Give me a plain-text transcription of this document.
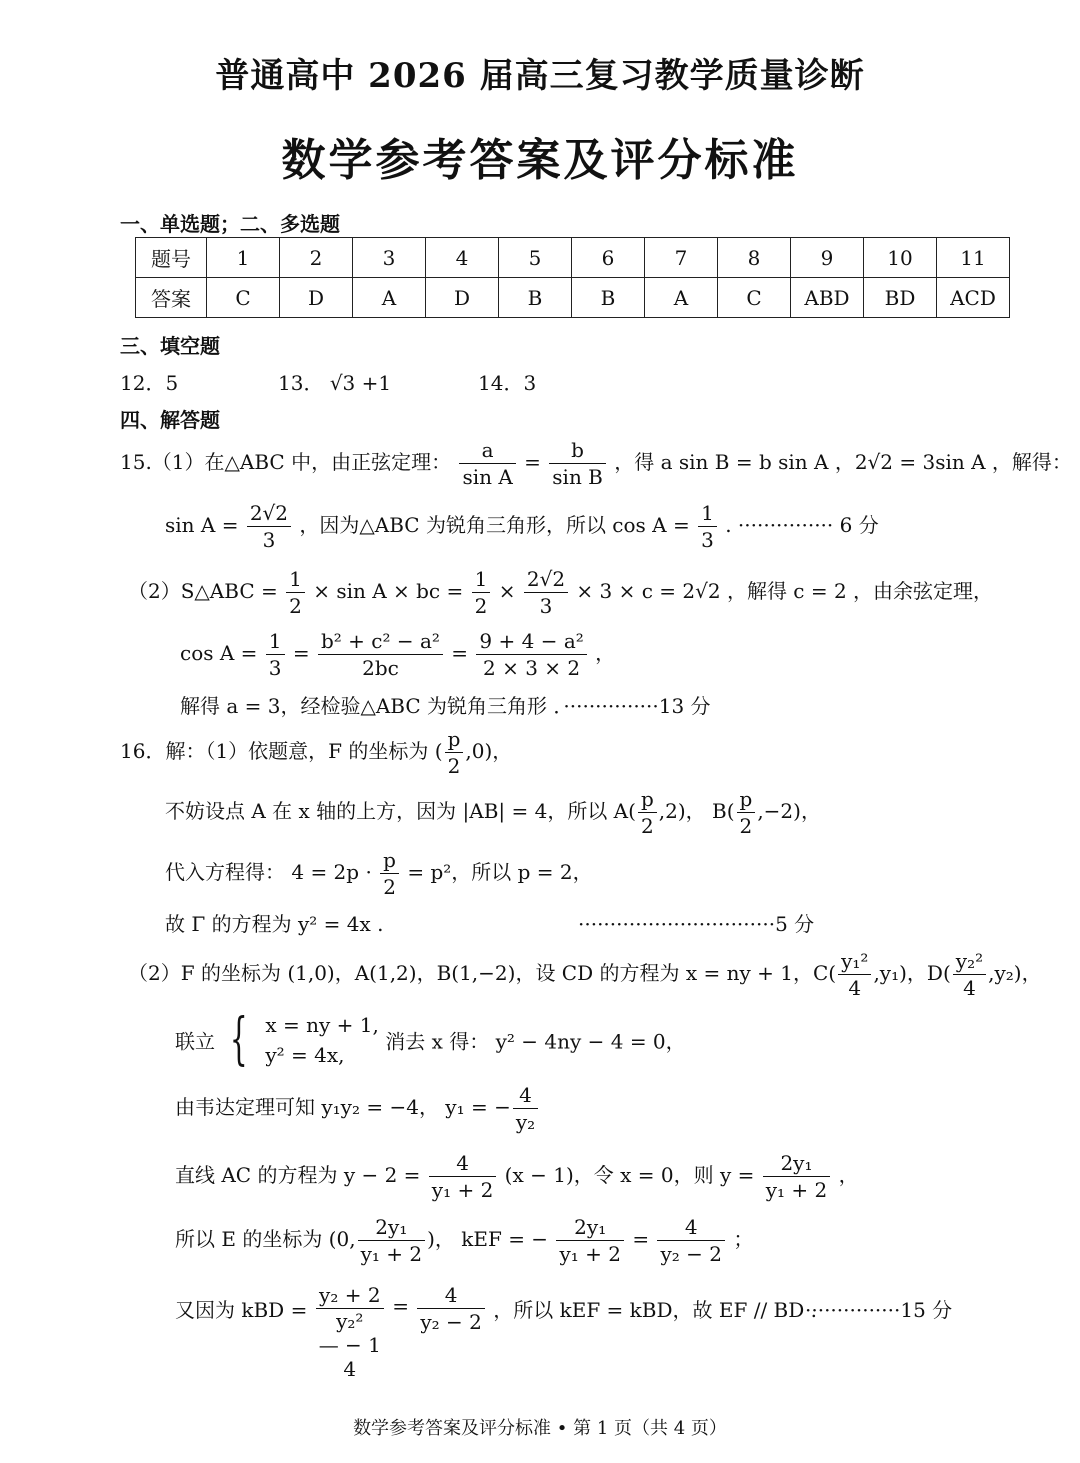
普通高中 2026 届高三复习教学质量诊断
数学参考答案及评分标准
一、单选题；二、多选题
题号	1	2	3	4	5	6	7	8	9	10	11
答案	C	D	A	D	B	B	A	C	ABD	BD	ACD
三、填空题
12．5	13． √3 +1	14．3
四、解答题
15.（1）在△ABC 中，由正弦定理： $\frac{a}{\text{sin A}} = \frac{b}{\text{sin B}}$ ，得 a sin B = b sin A ，2√2 = 3sin A ，解得：
$\sin A = \frac{2√2}{3}$ ，因为△ABC 为锐角三角形，所以 $\cos A = \frac{1}{3}$ . ··············· 6 分
（2）S△ABC = $\frac{1}{2} \times \sin A$ × bc = $\frac{1}{2} \times \frac{2√2}{3} \times 3 \times c = 2√2$ ，解得 c = 2 ，由余弦定理，
$\cos A = \frac{1}{3} = \frac{\text{b² + c² − a²}}{2bc} = \frac{\text{9 + 4 − a²}}{2 \times 3 \times 2}$ ，
解得 a = 3，经检验△ABC 为锐角三角形 ．···············13 分
16．解：（1）依题意，F 的坐标为 ( $\frac{p}{2} ,0$)，
不妨设点 A 在 x 轴的上方，因为 |AB| = 4，所以 $A( \frac{p}{2} ,2)$， $B( \frac{p}{2} ,-2)$，
代入方程得： $4 = 2p \cdot \frac{p}{2} = p^2$，所以 p = 2，
故 Γ 的方程为 y² = 4x .	·······························5 分
（2）F 的坐标为 (1,0)，A(1,2)，B(1,−2)，设 CD 的方程为 x = ny + 1，$C( \frac{\text{y₁²}}{4} ,y_1)$，$D( \frac{\text{y₂²}}{4} ,y_2)$，
联立 { x = ny + 1,
y² = 4x,
消去 x 得： y² − 4ny − 4 = 0，
由韦达定理可知 y₁y₂ = −4， y₁ = − $\frac{4}{\text{y₂}}$
直线 AC 的方程为 $y - 2 = \frac{4}{\text{y₁ + 2}} (x - 1)$，令 x = 0，则 $y = \frac{\text{2y₁}}{\text{y₁ + 2}}$ ，
所以 E 的坐标为 (0, $\frac{\text{2y₁}}{\text{y₁ + 2}}$ )， kEF = − $\frac{\text{2y₁}}{\text{y₁ + 2}} = \frac{4}{\text{y₂ − 2}}$ ；
又因为 kBD = y₂ + 2
y₂²
— − 1
$4 = \frac{4}{\text{y₂ − 2}}$ ，所以 kEF = kBD，故 EF // BD .
···············15 分
数学参考答案及评分标准 • 第 1 页（共 4 页）
